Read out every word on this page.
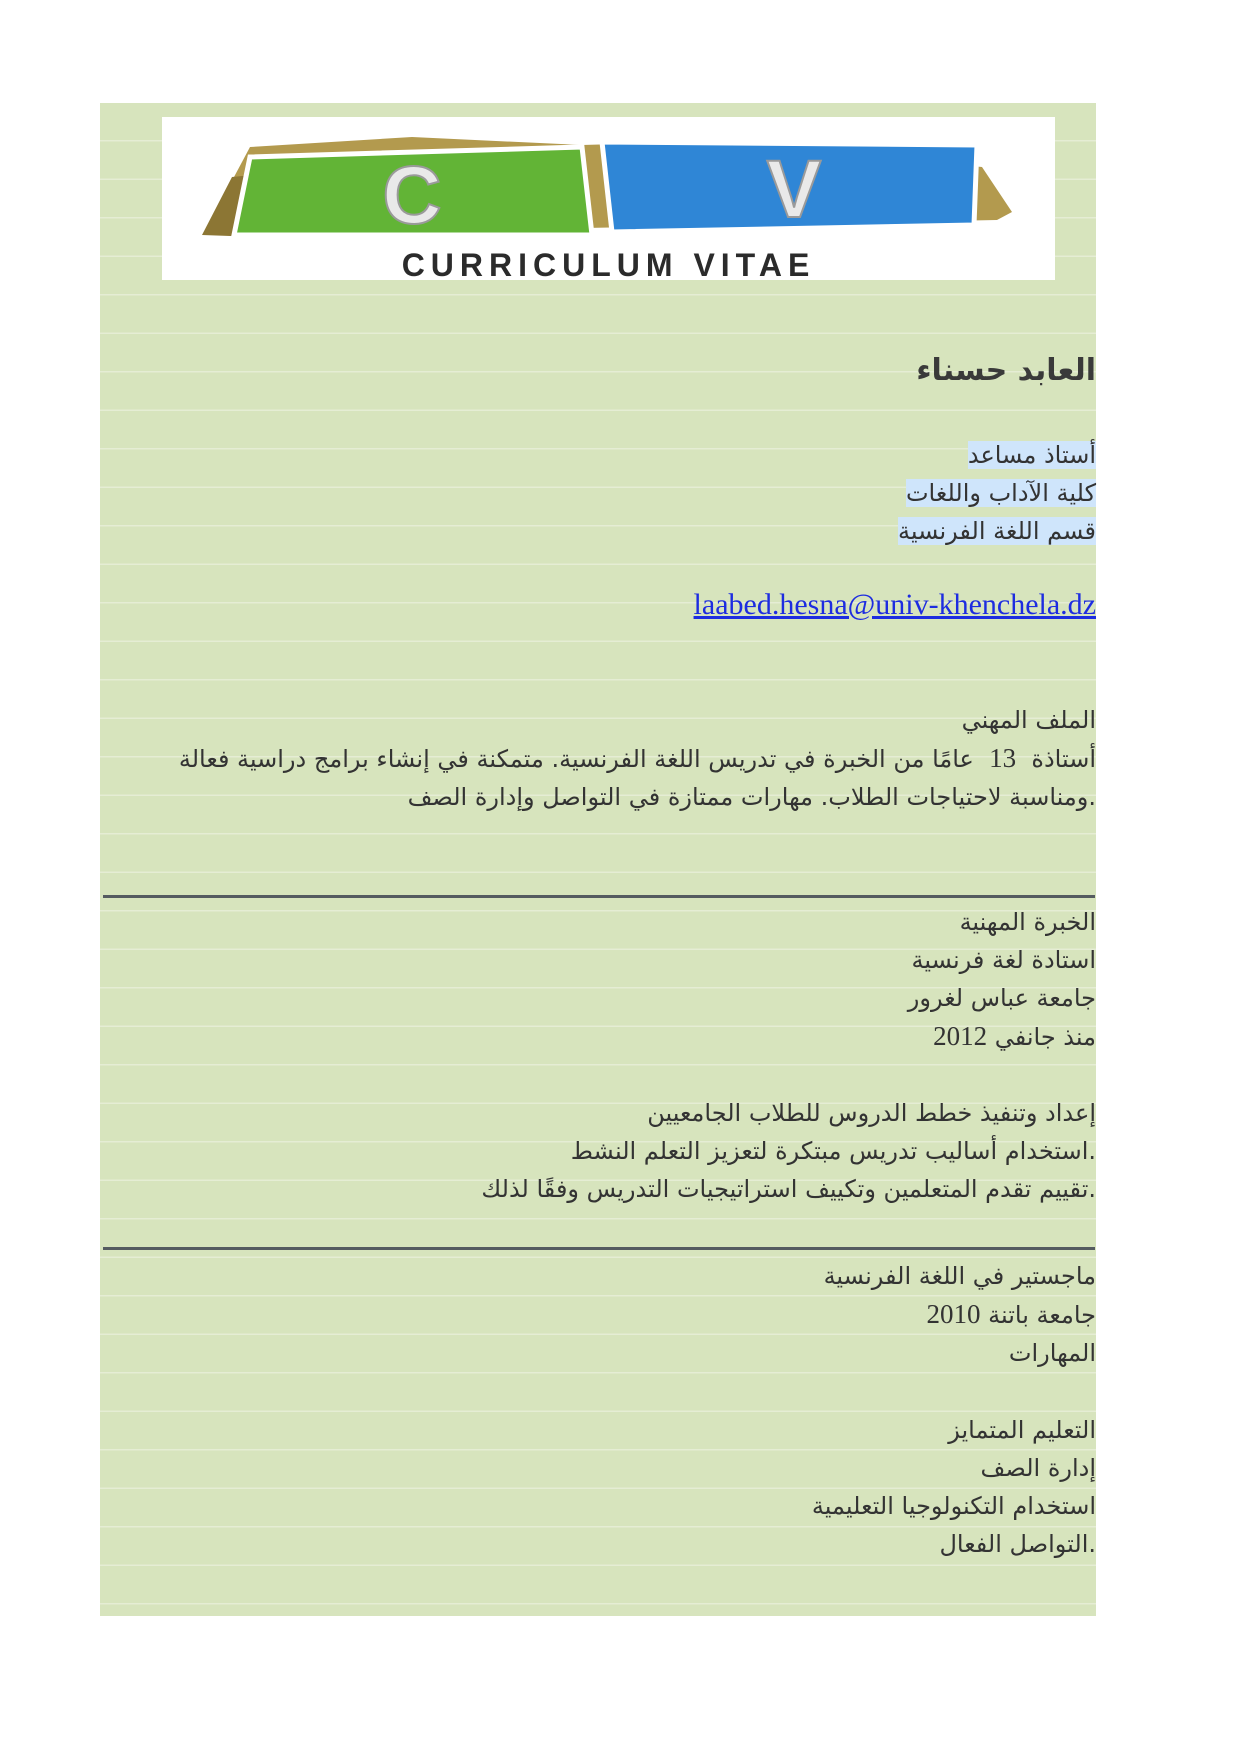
C	V
CURRICULUM VITAE
العابد حسناء
أستاذ مساعد
كلية الآداب واللغات
قسم اللغة الفرنسية
laabed.hesna@univ-khenchela.dz
الملف المهني
أستاذة  13  عامًا من الخبرة في تدريس اللغة الفرنسية. متمكنة في إنشاء برامج دراسية فعالة
.ومناسبة لاحتياجات الطلاب. مهارات ممتازة في التواصل وإدارة الصف
الخبرة المهنية
استادة لغة فرنسية
جامعة عباس لغرور
منذ جانفي 2012
إعداد وتنفيذ خطط الدروس للطلاب الجامعيين
.استخدام أساليب تدريس مبتكرة لتعزيز التعلم النشط
.تقييم تقدم المتعلمين وتكييف استراتيجيات التدريس وفقًا لذلك
ماجستير في اللغة الفرنسية
جامعة باتنة 2010
المهارات
التعليم المتمايز
إدارة الصف
استخدام التكنولوجيا التعليمية
.التواصل الفعال
